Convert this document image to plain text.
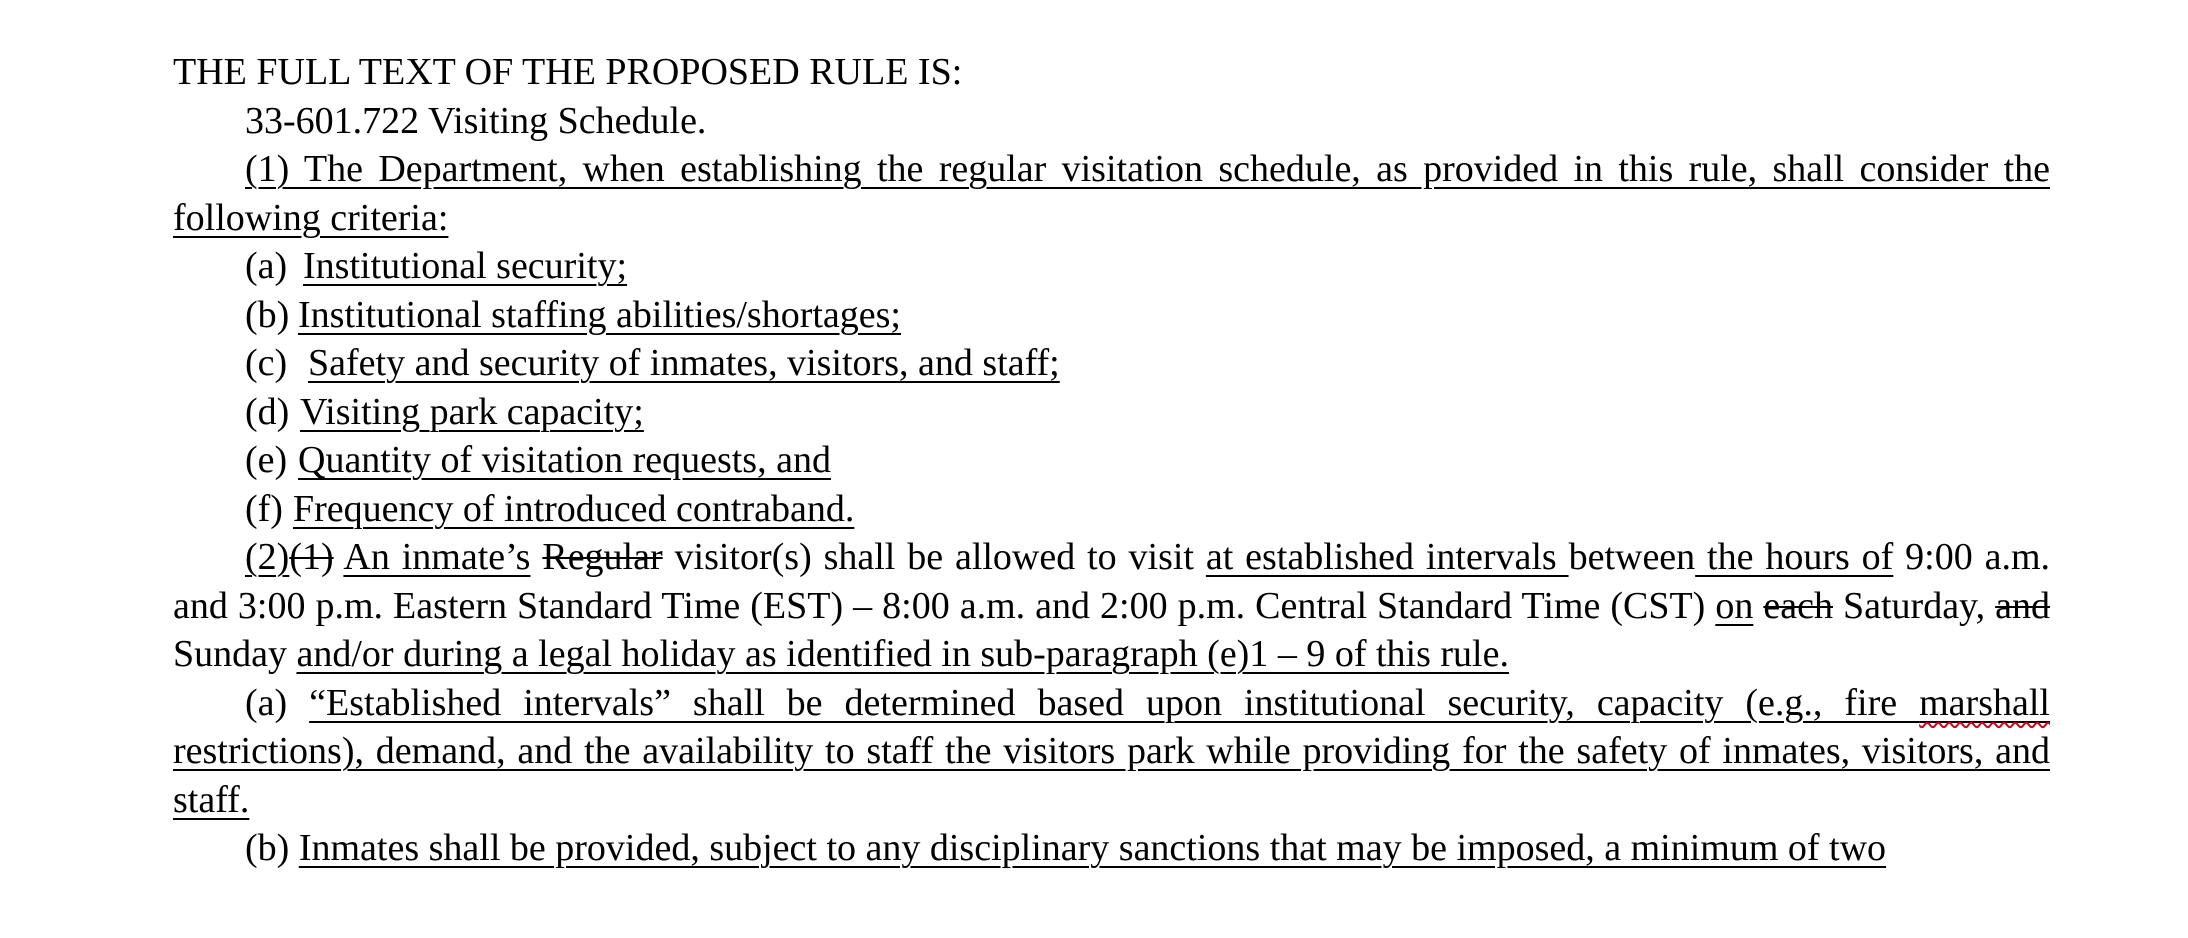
THE FULL TEXT OF THE PROPOSED RULE IS:

33-601.722 Visiting Schedule.

(1) The Department, when establishing the regular visitation schedule, as provided in this rule, shall consider the following criteria:

(a) Institutional security;

(b) Institutional staffing abilities/shortages;

(c) Safety and security of inmates, visitors, and staff;

(d) Visiting park capacity;

(e) Quantity of visitation requests, and

(f) Frequency of introduced contraband.

(2)(1) An inmate’s Regular visitor(s) shall be allowed to visit at established intervals between the hours of 9:00 a.m. and 3:00 p.m. Eastern Standard Time (EST) – 8:00 a.m. and 2:00 p.m. Central Standard Time (CST) on each Saturday, and Sunday and/or during a legal holiday as identified in sub-paragraph (e)1 – 9 of this rule.

(a) “Established intervals” shall be determined based upon institutional security, capacity (e.g., fire marshall restrictions), demand, and the availability to staff the visitors park while providing for the safety of inmates, visitors, and staff.

(b) Inmates shall be provided, subject to any disciplinary sanctions that may be imposed, a minimum of two
